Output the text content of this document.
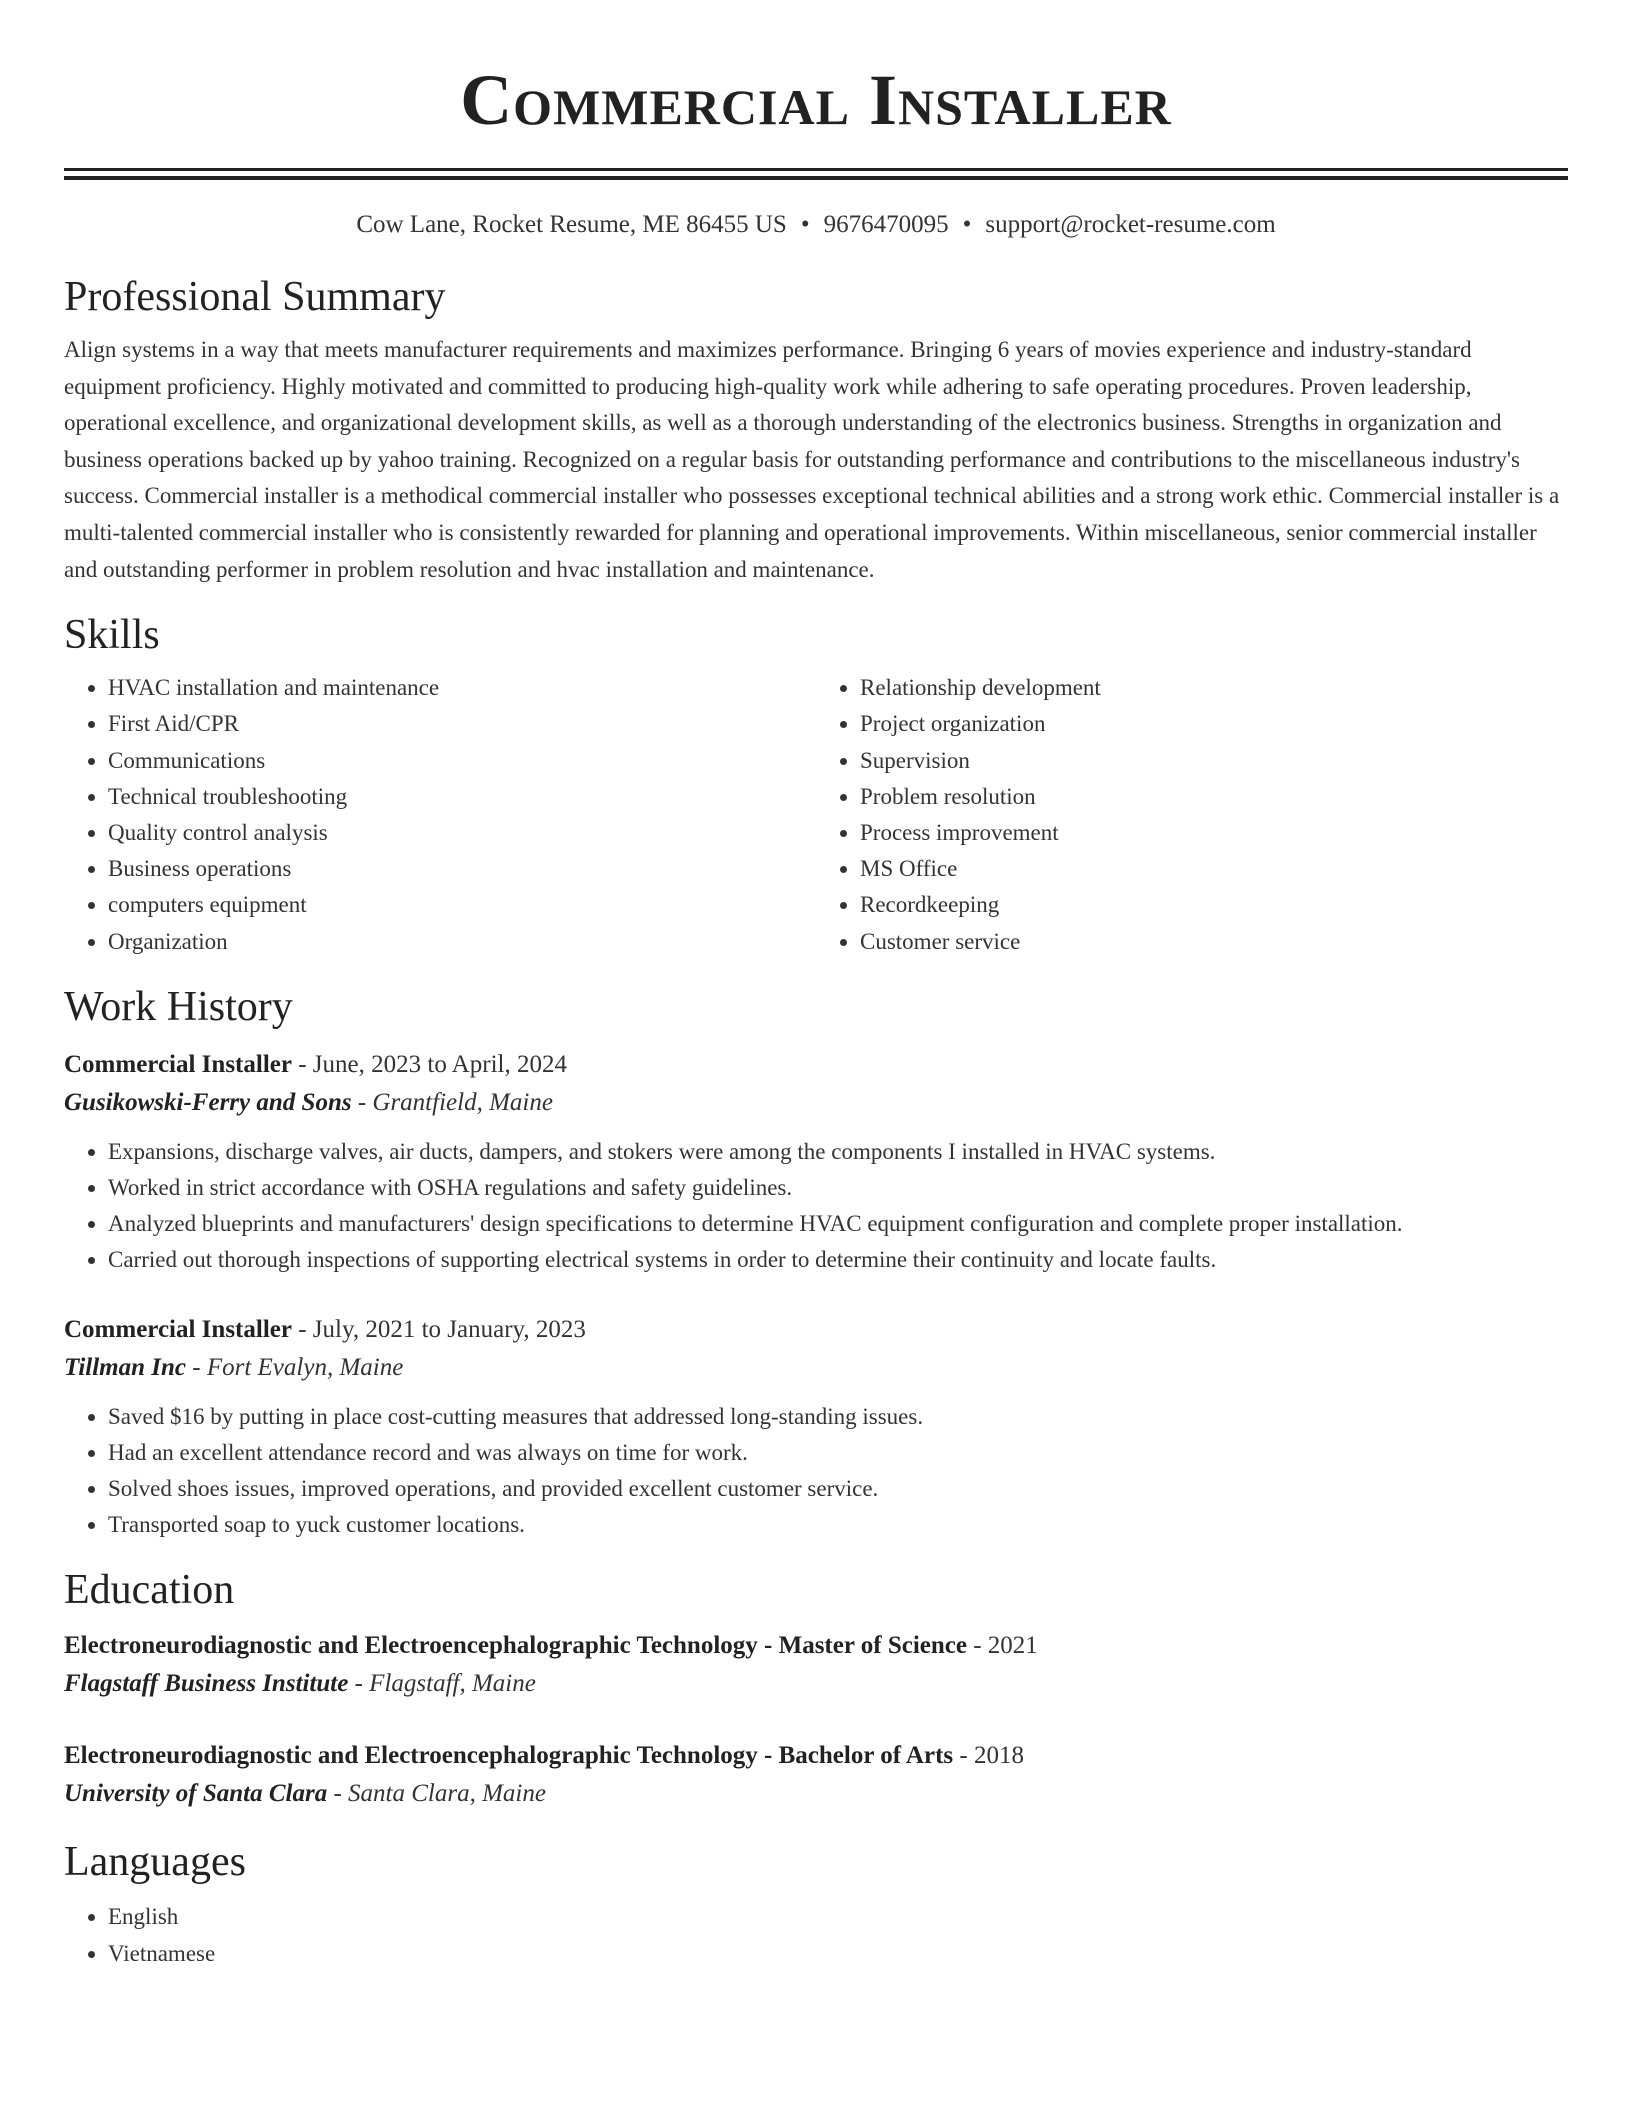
Commercial Installer
Cow Lane, Rocket Resume, ME 86455 US • 9676470095 • support@rocket-resume.com
Professional Summary

Align systems in a way that meets manufacturer requirements and maximizes performance. Bringing 6 years of movies experience and industry-standard equipment proficiency. Highly motivated and committed to producing high-quality work while adhering to safe operating procedures. Proven leadership, operational excellence, and organizational development skills, as well as a thorough understanding of the electronics business. Strengths in organization and business operations backed up by yahoo training. Recognized on a regular basis for outstanding performance and contributions to the miscellaneous industry's success. Commercial installer is a methodical commercial installer who possesses exceptional technical abilities and a strong work ethic. Commercial installer is a multi-talented commercial installer who is consistently rewarded for planning and operational improvements. Within miscellaneous, senior commercial installer and outstanding performer in problem resolution and hvac installation and maintenance.

Skills
• HVAC installation and maintenance
• First Aid/CPR
• Communications
• Technical troubleshooting
• Quality control analysis
• Business operations
• computers equipment
• Organization
• Relationship development
• Project organization
• Supervision
• Problem resolution
• Process improvement
• MS Office
• Recordkeeping
• Customer service
Work History
Commercial Installer - June, 2023 to April, 2024
Gusikowski-Ferry and Sons - Grantfield, Maine
• Expansions, discharge valves, air ducts, dampers, and stokers were among the components I installed in HVAC systems.
• Worked in strict accordance with OSHA regulations and safety guidelines.
• Analyzed blueprints and manufacturers' design specifications to determine HVAC equipment configuration and complete proper installation.
• Carried out thorough inspections of supporting electrical systems in order to determine their continuity and locate faults.
Commercial Installer - July, 2021 to January, 2023
Tillman Inc - Fort Evalyn, Maine
• Saved $16 by putting in place cost-cutting measures that addressed long-standing issues.
• Had an excellent attendance record and was always on time for work.
• Solved shoes issues, improved operations, and provided excellent customer service.
• Transported soap to yuck customer locations.
Education
Electroneurodiagnostic and Electroencephalographic Technology - Master of Science - 2021
Flagstaff Business Institute - Flagstaff, Maine
Electroneurodiagnostic and Electroencephalographic Technology - Bachelor of Arts - 2018
University of Santa Clara - Santa Clara, Maine
Languages
• English
• Vietnamese
